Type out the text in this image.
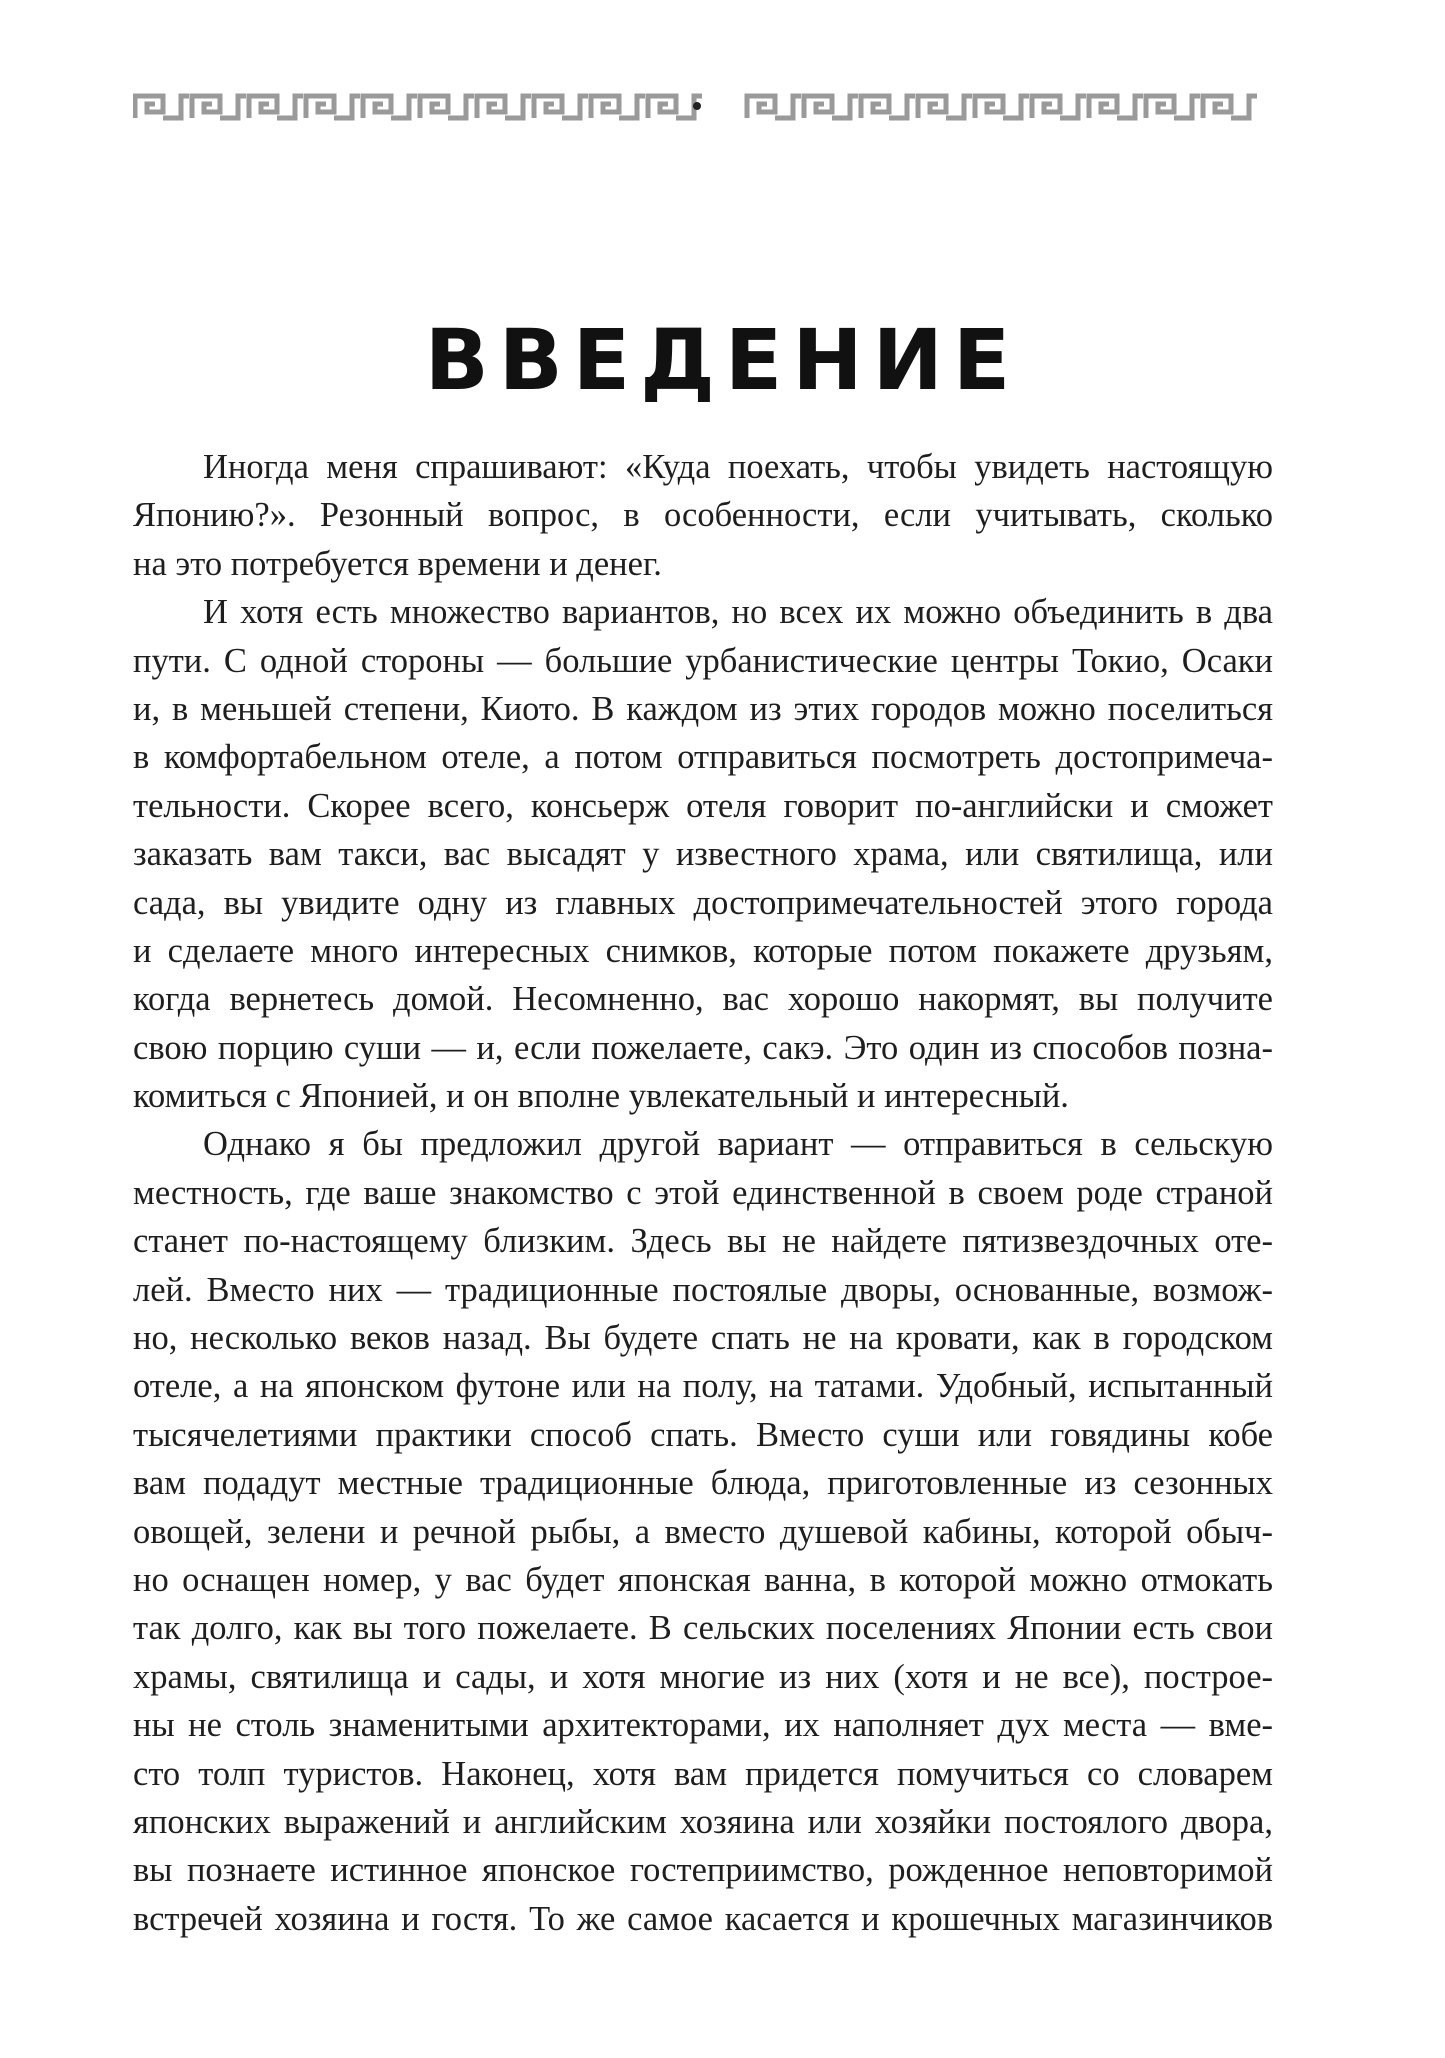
ВВЕДЕНИЕ

Иногда меня спрашивают: «Куда поехать, чтобы увидеть настоящую
Японию?». Резонный вопрос, в особенности, если учитывать, сколько
на это потребуется времени и денег.

И хотя есть множество вариантов, но всех их можно объединить в два
пути. С одной стороны — большие урбанистические центры Токио, Осаки
и, в меньшей степени, Киото. В каждом из этих городов можно поселиться
в комфортабельном отеле, а потом отправиться посмотреть достопримеча-
тельности. Скорее всего, консьерж отеля говорит по-английски и сможет
заказать вам такси, вас высадят у известного храма, или святилища, или
сада, вы увидите одну из главных достопримечательностей этого города
и сделаете много интересных снимков, которые потом покажете друзьям,
когда вернетесь домой. Несомненно, вас хорошо накормят, вы получите
свою порцию суши — и, если пожелаете, сакэ. Это один из способов позна-
комиться с Японией, и он вполне увлекательный и интересный.

Однако я бы предложил другой вариант — отправиться в сельскую
местность, где ваше знакомство с этой единственной в своем роде страной
станет по-настоящему близким. Здесь вы не найдете пятизвездочных оте-
лей. Вместо них — традиционные постоялые дворы, основанные, возмож-
но, несколько веков назад. Вы будете спать не на кровати, как в городском
отеле, а на японском футоне или на полу, на татами. Удобный, испытанный
тысячелетиями практики способ спать. Вместо суши или говядины кобе
вам подадут местные традиционные блюда, приготовленные из сезонных
овощей, зелени и речной рыбы, а вместо душевой кабины, которой обыч-
но оснащен номер, у вас будет японская ванна, в которой можно отмокать
так долго, как вы того пожелаете. В сельских поселениях Японии есть свои
храмы, святилища и сады, и хотя многие из них (хотя и не все), построе-
ны не столь знаменитыми архитекторами, их наполняет дух места — вме-
сто толп туристов. Наконец, хотя вам придется помучиться со словарем
японских выражений и английским хозяина или хозяйки постоялого двора,
вы познаете истинное японское гостеприимство, рожденное неповторимой
встречей хозяина и гостя. То же самое касается и крошечных магазинчиков
